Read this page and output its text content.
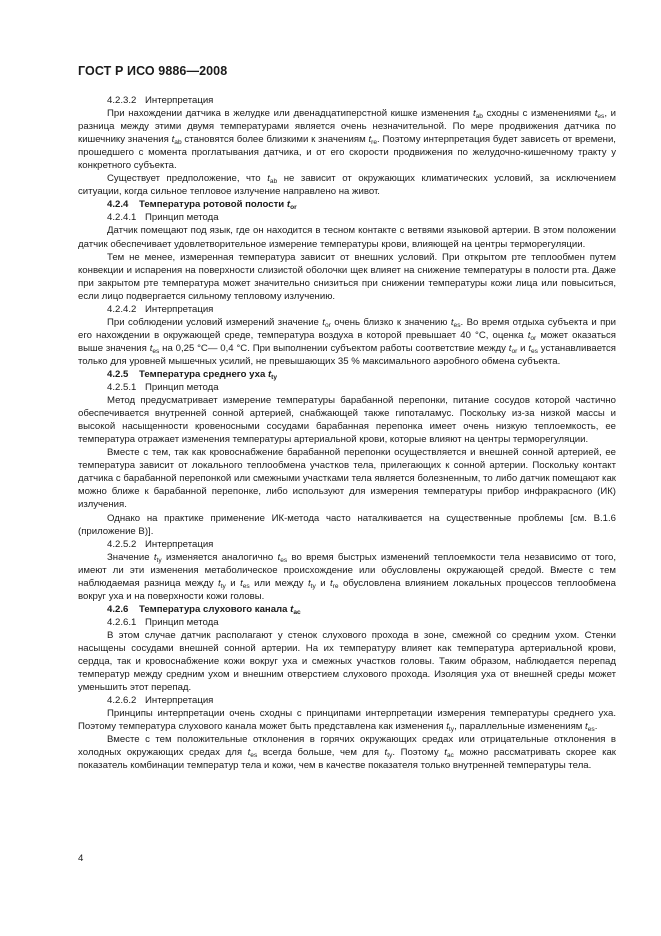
ГОСТ Р ИСО 9886—2008
4.2.3.2 Интерпретация

При нахождении датчика в желудке или двенадцатиперстной кишке изменения $t_{ab}$ сходны с изменениями $t_{es}$, и разница между этими двумя температурами является очень незначительной. По мере продвижения датчика по кишечнику значения $t_{ab}$ становятся более близкими к значениям $t_{re}$. Поэтому интерпретация будет зависеть от времени, прошедшего с момента проглатывания датчика, и от его скорости продвижения по желудочно-кишечному тракту у конкретного субъекта.

Существует предположение, что $t_{ab}$ не зависит от окружающих климатических условий, за исключением ситуации, когда сильное тепловое излучение направлено на живот.

4.2.4 Температура ротовой полости $t_{or}$
4.2.4.1 Принцип метода

Датчик помещают под язык, где он находится в тесном контакте с ветвями языковой артерии. В этом положении датчик обеспечивает удовлетворительное измерение температуры крови, влияющей на центры терморегуляции.

Тем не менее, измеренная температура зависит от внешних условий. При открытом рте теплообмен путем конвекции и испарения на поверхности слизистой оболочки щек влияет на снижение температуры в полости рта. Даже при закрытом рте температура может значительно снизиться при снижении температуры кожи лица или повыситься, если лицо подвергается сильному тепловому излучению.

4.2.4.2 Интерпретация

При соблюдении условий измерений значение $t_{or}$ очень близко к значению $t_{es}$. Во время отдыха субъекта и при его нахождении в окружающей среде, температура воздуха в которой превышает 40 °С, оценка $t_{or}$ может оказаться выше значения $t_{es}$ на 0,25 °С— 0,4 °С. При выполнении субъектом работы соответствие между $t_{or}$ и $t_{es}$ устанавливается только для уровней мышечных усилий, не превышающих 35 % максимального аэробного обмена субъекта.

4.2.5 Температура среднего уха $t_{ty}$
4.2.5.1 Принцип метода

Метод предусматривает измерение температуры барабанной перепонки, питание сосудов которой частично обеспечивается внутренней сонной артерией, снабжающей также гипоталамус. Поскольку из-за низкой массы и высокой насыщенности кровеносными сосудами барабанная перепонка имеет очень низкую теплоемкость, ее температура отражает изменения температуры артериальной крови, которые влияют на центры терморегуляции.

Вместе с тем, так как кровоснабжение барабанной перепонки осуществляется и внешней сонной артерией, ее температура зависит от локального теплообмена участков тела, прилегающих к сонной артерии. Поскольку контакт датчика с барабанной перепонкой или смежными участками тела является болезненным, то либо датчик помещают как можно ближе к барабанной перепонке, либо используют для измерения температуры прибор инфракрасного (ИК) излучения.

Однако на практике применение ИК-метода часто наталкивается на существенные проблемы [см. В.1.6 (приложение В)].

4.2.5.2 Интерпретация

Значение $t_{ty}$ изменяется аналогично $t_{es}$ во время быстрых изменений теплоемкости тела независимо от того, имеют ли эти изменения метаболическое происхождение или обусловлены окружающей средой. Вместе с тем наблюдаемая разница между $t_{ty}$ и $t_{es}$ или между $t_{ty}$ и $t_{re}$ обусловлена влиянием локальных процессов теплообмена вокруг уха и на поверхности кожи головы.

4.2.6 Температура слухового канала $t_{ac}$
4.2.6.1 Принцип метода

В этом случае датчик располагают у стенок слухового прохода в зоне, смежной со средним ухом. Стенки насыщены сосудами внешней сонной артерии. На их температуру влияет как температура артериальной крови, сердца, так и кровоснабжение кожи вокруг уха и смежных участков головы. Таким образом, наблюдается перепад температур между средним ухом и внешним отверстием слухового прохода. Изоляция уха от внешней среды может уменьшить этот перепад.

4.2.6.2 Интерпретация

Принципы интерпретации очень сходны с принципами интерпретации измерения температуры среднего уха. Поэтому температура слухового канала может быть представлена как изменения $t_{ty}$, параллельные изменениям $t_{es}$.

Вместе с тем положительные отклонения в горячих окружающих средах или отрицательные отклонения в холодных окружающих средах для $t_{es}$ всегда больше, чем для $t_{ty}$. Поэтому $t_{ac}$ можно рассматривать скорее как показатель комбинации температур тела и кожи, чем в качестве показателя только внутренней температуры тела.

4
